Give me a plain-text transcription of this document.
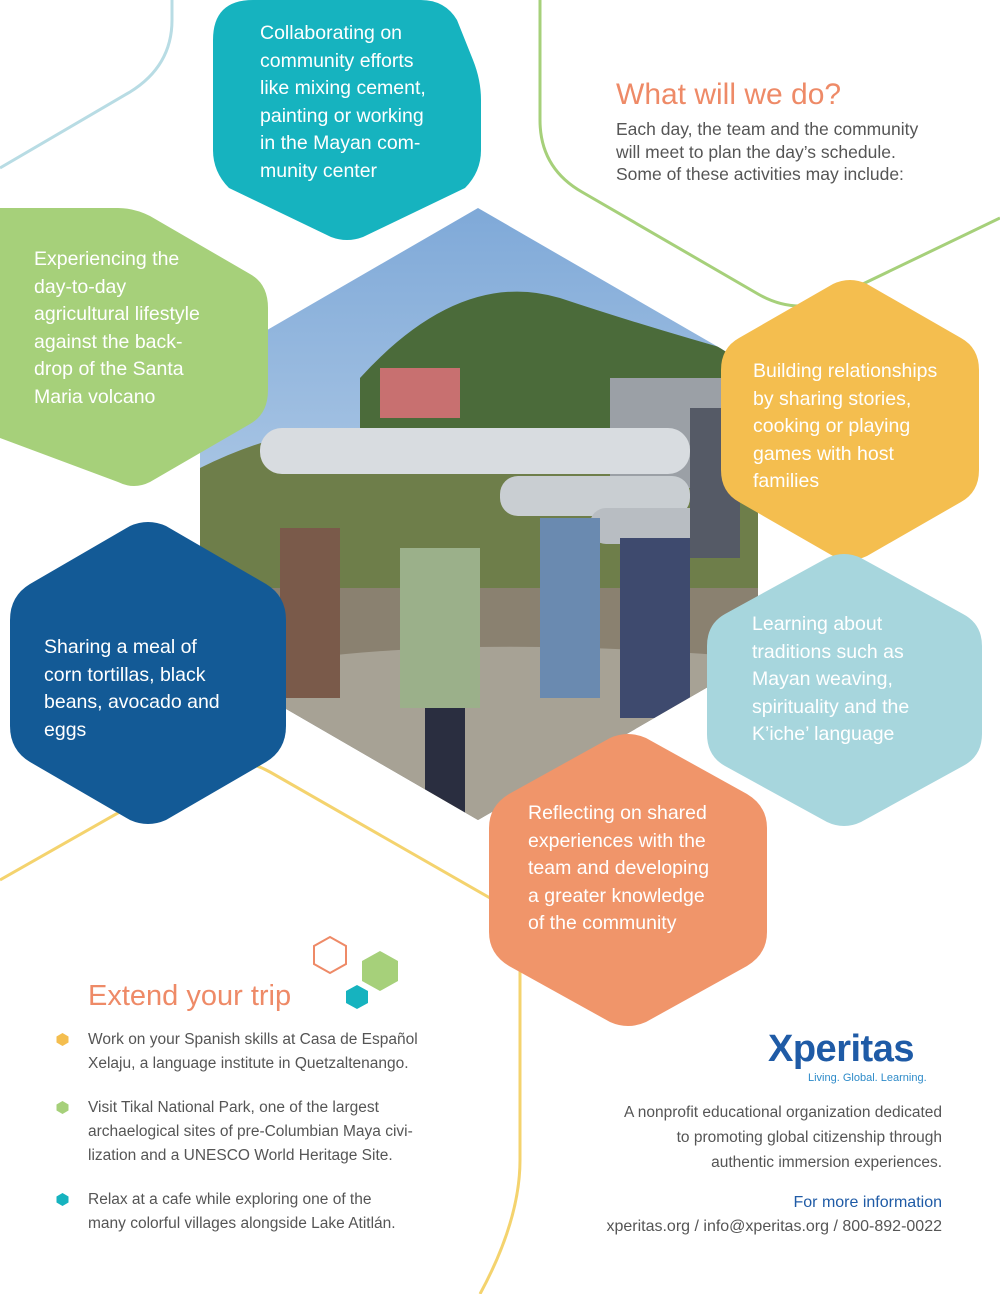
Collaborating on
community efforts
like mixing cement,
painting or working
in the Mayan com-
munity center
Experiencing the
day-to-day
agricultural lifestyle
against the back-
drop of the Santa
Maria volcano
Building relationships
by sharing stories,
cooking or playing
games with host
families
Sharing a meal of
corn tortillas, black
beans, avocado and
eggs
Learning about
traditions such as
Mayan weaving,
spirituality and the
K’iche’ language
Reflecting on shared
experiences with the
team and developing
a greater knowledge
of the community
What will we do?

Each day, the team and the community
will meet to plan the day’s schedule.
Some of these activities may include:

Extend your trip
Work on your Spanish skills at Casa de Español
Xelaju, a language institute in Quetzaltenango.
Visit Tikal National Park, one of the largest
archaelogical sites of pre-Columbian Maya civi-
lization and a UNESCO World Heritage Site.
Relax at a cafe while exploring one of the
many colorful villages alongside Lake Atitlán.
Xperitas
Living. Global. Learning.

A nonprofit educational organization dedicated
to promoting global citizenship through
authentic immersion experiences.

For more information

xperitas.org / info@xperitas.org / 800-892-0022
